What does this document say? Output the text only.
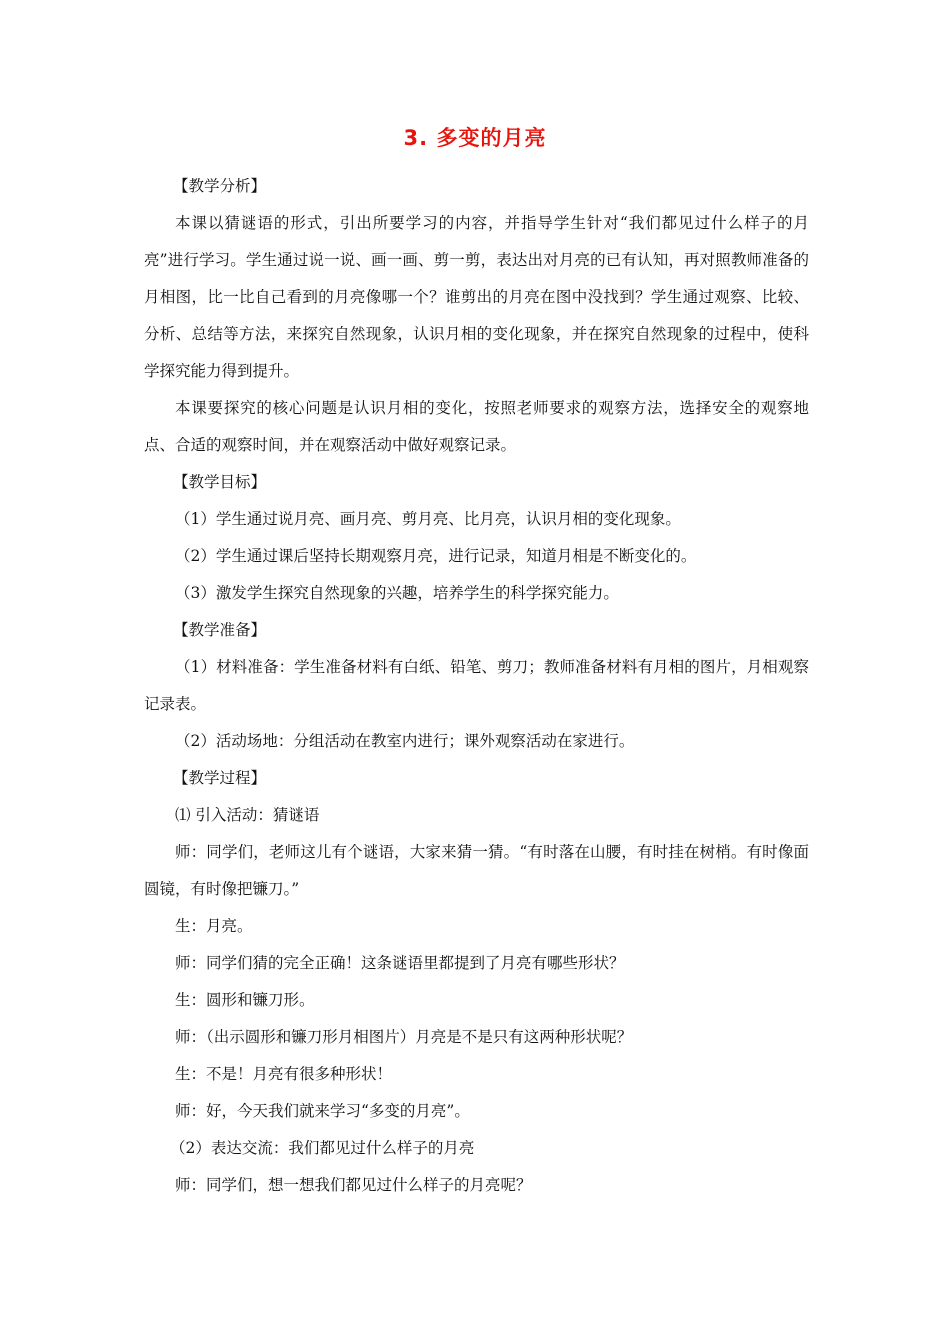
3. 多变的月亮

【教学分析】

本课以猜谜语的形式，引出所要学习的内容，并指导学生针对“我们都见过什么样子的月亮”进行学习。学生通过说一说、画一画、剪一剪，表达出对月亮的已有认知，再对照教师准备的月相图，比一比自己看到的月亮像哪一个？谁剪出的月亮在图中没找到？学生通过观察、比较、分析、总结等方法，来探究自然现象，认识月相的变化现象，并在探究自然现象的过程中，使科学探究能力得到提升。

本课要探究的核心问题是认识月相的变化，按照老师要求的观察方法，选择安全的观察地点、合适的观察时间，并在观察活动中做好观察记录。

【教学目标】

（1）学生通过说月亮、画月亮、剪月亮、比月亮，认识月相的变化现象。

（2）学生通过课后坚持长期观察月亮，进行记录，知道月相是不断变化的。

（3）激发学生探究自然现象的兴趣，培养学生的科学探究能力。

【教学准备】

（1）材料准备：学生准备材料有白纸、铅笔、剪刀；教师准备材料有月相的图片，月相观察记录表。

（2）活动场地：分组活动在教室内进行；课外观察活动在家进行。

【教学过程】

⑴ 引入活动：猜谜语

师：同学们，老师这儿有个谜语，大家来猜一猜。“有时落在山腰，有时挂在树梢。有时像面圆镜，有时像把镰刀。”

生：月亮。

师：同学们猜的完全正确！这条谜语里都提到了月亮有哪些形状？

生：圆形和镰刀形。

师：（出示圆形和镰刀形月相图片）月亮是不是只有这两种形状呢？

生：不是！月亮有很多种形状！

师：好，今天我们就来学习“多变的月亮”。

（2）表达交流：我们都见过什么样子的月亮

师：同学们，想一想我们都见过什么样子的月亮呢？
